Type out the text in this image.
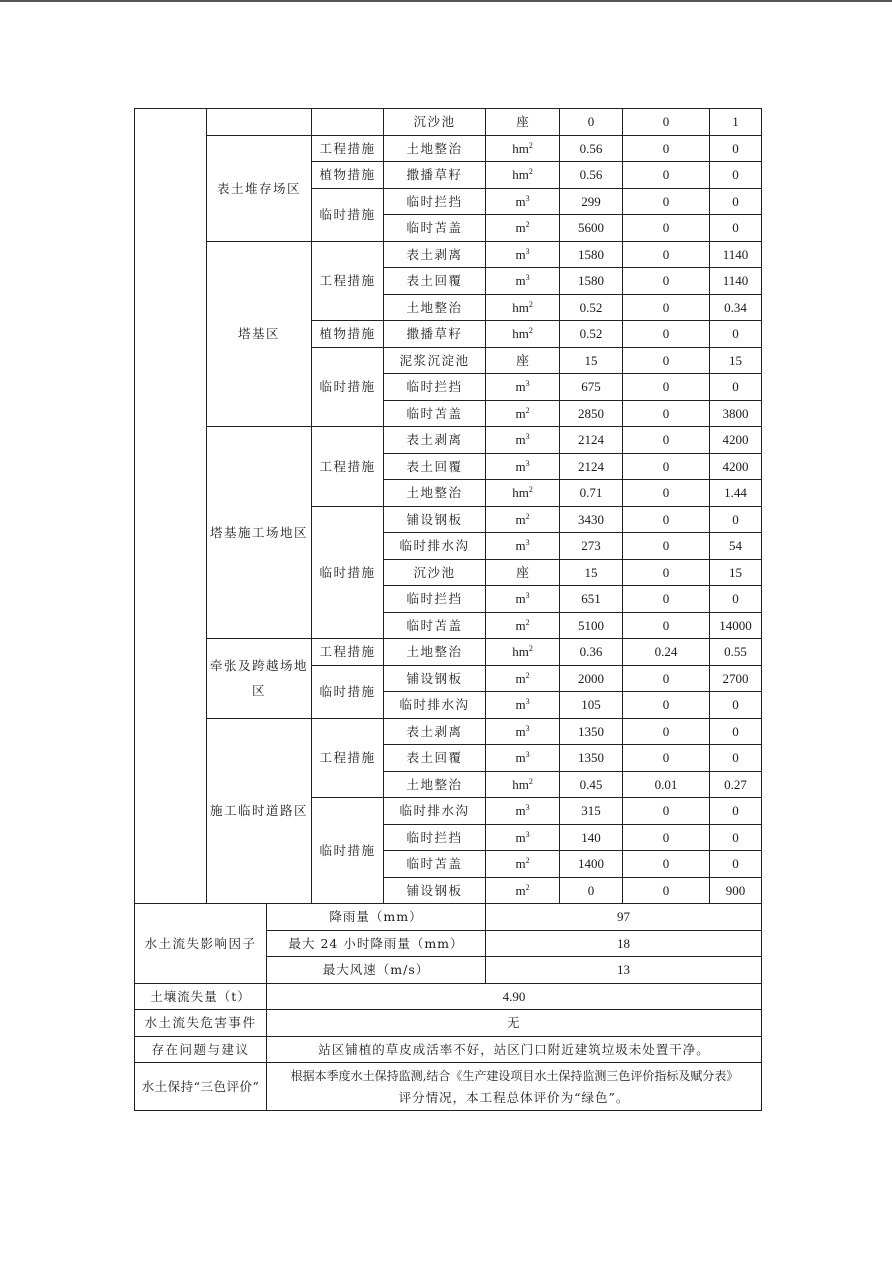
				沉沙池	座	0	0	1
	表土堆存场区		工程措施	土地整治	$hm^2$	0.56	0	0
			植物措施	撒播草籽	$hm^2$	0.56	0	0
			临时措施	临时拦挡	$m^3$	299	0	0
				临时苫盖	$m^2$	5600	0	0
	塔基区		工程措施	表土剥离	$m^3$	1580	0	1140
				表土回覆	$m^3$	1580	0	1140
				土地整治	$hm^2$	0.52	0	0.34
			植物措施	撒播草籽	$hm^2$	0.52	0	0
			临时措施	泥浆沉淀池	座	15	0	15
				临时拦挡	$m^3$	675	0	0
				临时苫盖	$m^2$	2850	0	3800
	塔基施工场地区		工程措施	表土剥离	$m^3$	2124	0	4200
				表土回覆	$m^3$	2124	0	4200
				土地整治	$hm^2$	0.71	0	1.44
			临时措施	铺设钢板	$m^2$	3430	0	0
				临时排水沟	$m^3$	273	0	54
				沉沙池	座	15	0	15
				临时拦挡	$m^3$	651	0	0
				临时苫盖	$m^2$	5100	0	14000
	牵张及跨越场地区		工程措施	土地整治	$hm^2$	0.36	0.24	0.55
			临时措施	铺设钢板	$m^2$	2000	0	2700
				临时排水沟	$m^3$	105	0	0
	施工临时道路区		工程措施	表土剥离	$m^3$	1350	0	0
				表土回覆	$m^3$	1350	0	0
				土地整治	$hm^2$	0.45	0.01	0.27
			临时措施	临时排水沟	$m^3$	315	0	0
				临时拦挡	$m^3$	140	0	0
				临时苫盖	$m^2$	1400	0	0
				铺设钢板	$m^2$	0	0	900
水土流失影响因子		降雨量（mm）			97			
		最大 24 小时降雨量（mm）			18			
		最大风速（m/s）			13			
土壤流失量（t）		4.90						
水土流失危害事件		无						
存在问题与建议		站区铺植的草皮成活率不好，站区门口附近建筑垃圾未处置干净。						
水土保持“三色评价”		根据本季度水土保持监测,结合《生产建设项目水土保持监测三色评价指标及赋分表》
评分情况，本工程总体评价为“绿色”。						
